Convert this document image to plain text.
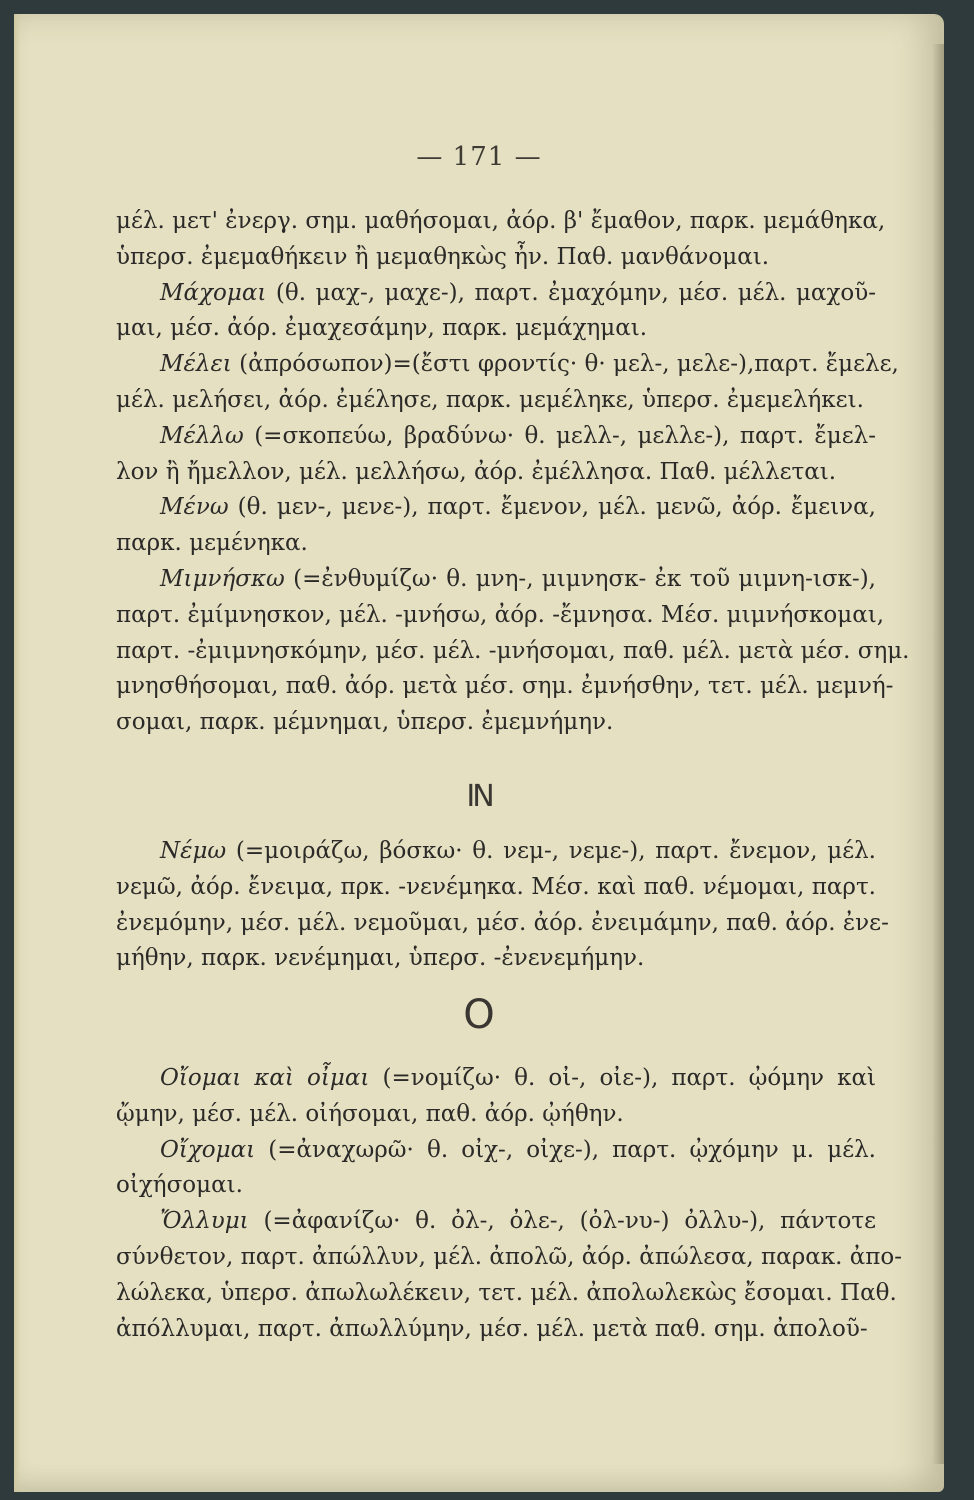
— 171 —
μέλ. μετ' ἐνεργ. σημ. μαθήσομαι, ἀόρ. β' ἔμαθον, παρκ. μεμάθηκα,
ὑπερσ. ἐμεμαθήκειν ἢ μεμαθηκὼς ἦν. Παθ. μανθάνομαι.
Μάχομαι (θ. μαχ-, μαχε-), παρτ. ἐμαχόμην, μέσ. μέλ. μαχοῦ-
μαι, μέσ. ἀόρ. ἐμαχεσάμην, παρκ. μεμάχημαι.
Μέλει (ἀπρόσωπον)=(ἔστι φροντίς· θ· μελ-, μελε-),παρτ. ἔμελε,
μέλ. μελήσει, ἀόρ. ἐμέλησε, παρκ. μεμέληκε, ὑπερσ. ἐμεμελήκει.
Μέλλω (=σκοπεύω, βραδύνω· θ. μελλ-, μελλε-), παρτ. ἔμελ-
λον ἢ ἤμελλον, μέλ. μελλήσω, ἀόρ. ἐμέλλησα. Παθ. μέλλεται.
Μένω (θ. μεν-, μενε-), παρτ. ἔμενον, μέλ. μενῶ, ἀόρ. ἔμεινα,
παρκ. μεμένηκα.
Μιμνήσκω (=ἐνθυμίζω· θ. μνη-, μιμνησκ- ἐκ τοῦ μιμνη-ισκ-),
παρτ. ἐμίμνησκον, μέλ. -μνήσω, ἀόρ. -ἔμνησα. Μέσ. μιμνήσκομαι,
παρτ. -ἐμιμνησκόμην, μέσ. μέλ. -μνήσομαι, παθ. μέλ. μετὰ μέσ. σημ.
μνησθήσομαι, παθ. ἀόρ. μετὰ μέσ. σημ. ἐμνήσθην, τετ. μέλ. μεμνή-
σομαι, παρκ. μέμνημαι, ὑπερσ. ἐμεμνήμην.
ΙΝ
Νέμω (=μοιράζω, βόσκω· θ. νεμ-, νεμε-), παρτ. ἔνεμον, μέλ.
νεμῶ, ἀόρ. ἔνειμα, πρκ. -νενέμηκα. Μέσ. καὶ παθ. νέμομαι, παρτ.
ἐνεμόμην, μέσ. μέλ. νεμοῦμαι, μέσ. ἀόρ. ἐνειμάμην, παθ. ἀόρ. ἐνε-
μήθην, παρκ. νενέμημαι, ὑπερσ. -ἐνενεμήμην.
Ο
Οἴομαι καὶ οἶμαι (=νομίζω· θ. οἰ-, οἰε-), παρτ. ᾠόμην καὶ
ᾤμην, μέσ. μέλ. οἰήσομαι, παθ. ἀόρ. ᾠήθην.
Οἴχομαι (=ἀναχωρῶ· θ. οἰχ-, οἰχε-), παρτ. ᾠχόμην μ. μέλ.
οἰχήσομαι.
Ὄλλυμι (=ἀφανίζω· θ. ὀλ-, ὀλε-, (ὀλ-νυ-) ὀλλυ-), πάντοτε
σύνθετον, παρτ. ἀπώλλυν, μέλ. ἀπολῶ, ἀόρ. ἀπώλεσα, παρακ. ἀπο-
λώλεκα, ὑπερσ. ἀπωλωλέκειν, τετ. μέλ. ἀπολωλεκὼς ἔσομαι. Παθ.
ἀπόλλυμαι, παρτ. ἀπωλλύμην, μέσ. μέλ. μετὰ παθ. σημ. ἀπολοῦ-
